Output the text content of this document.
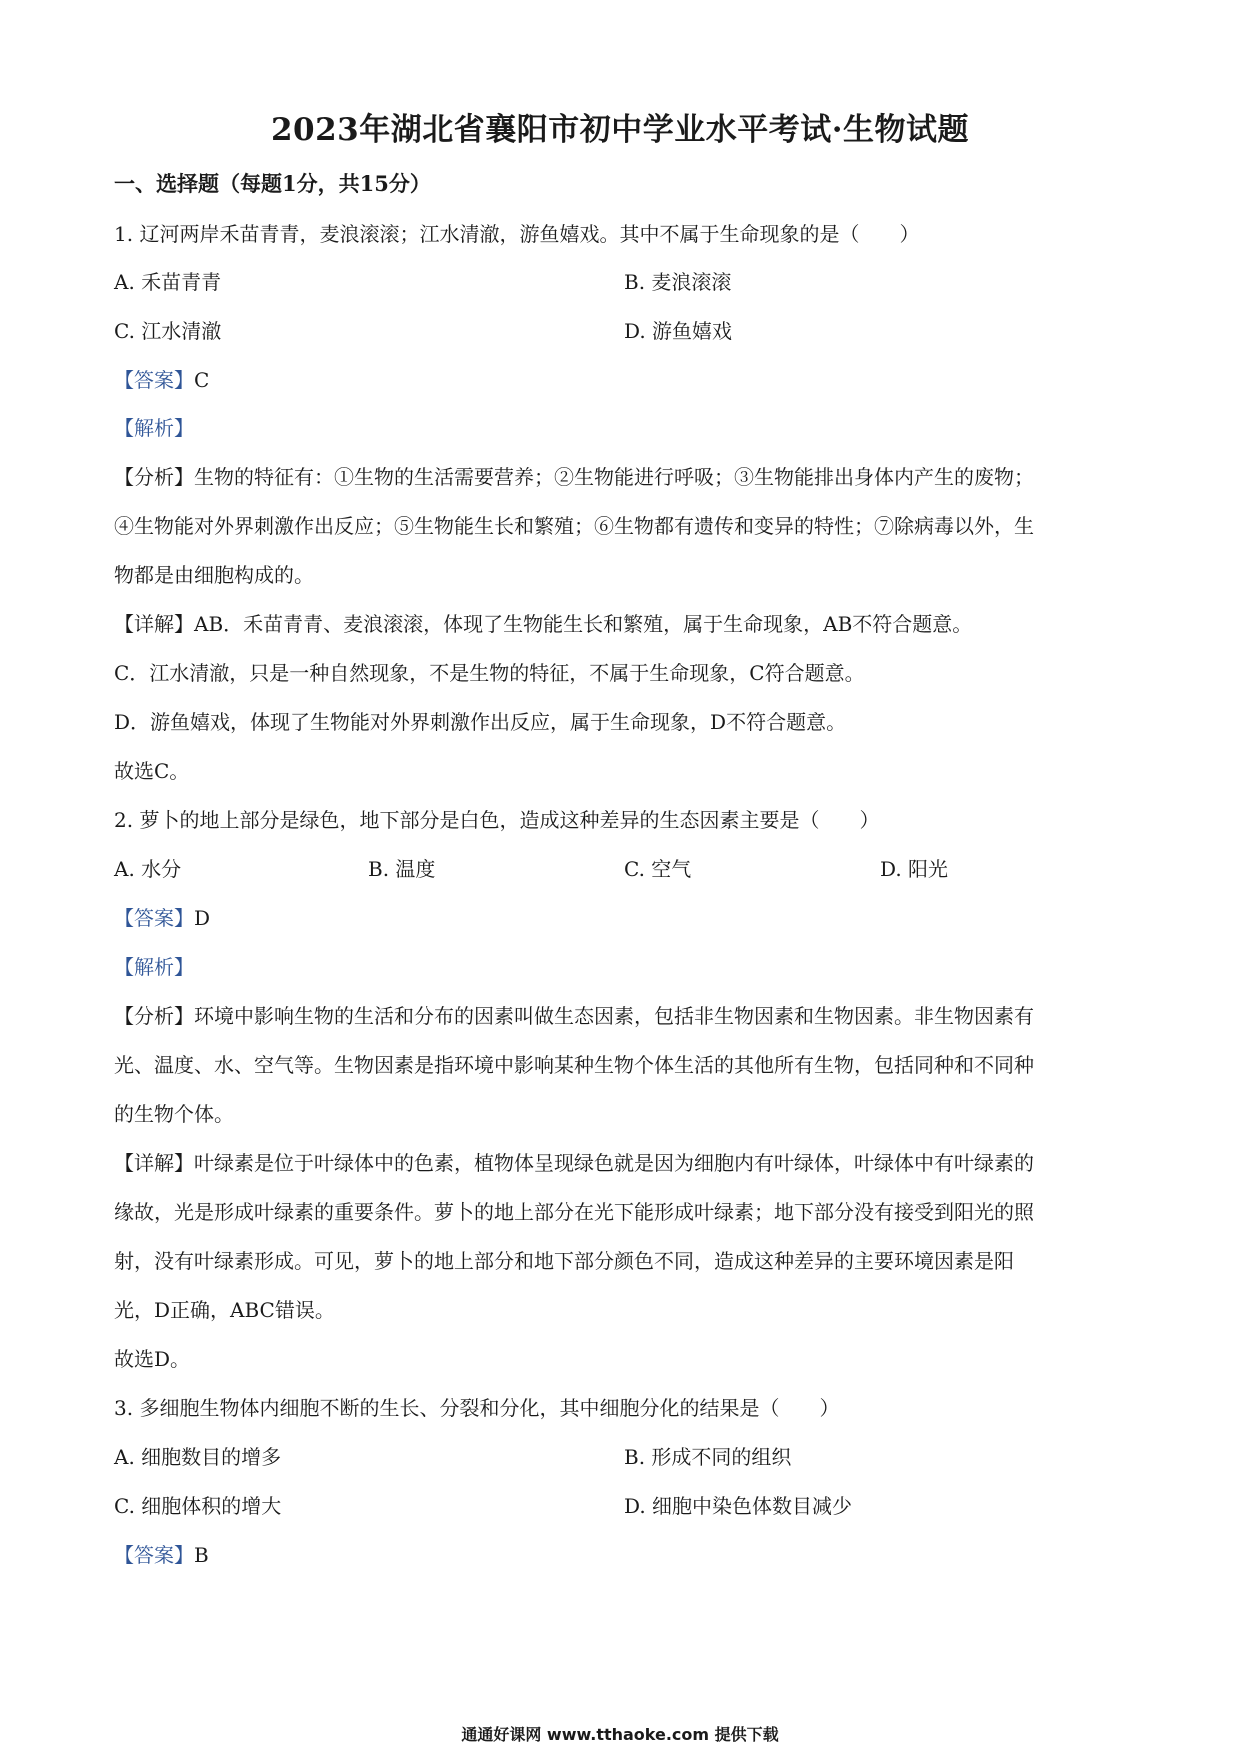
2023年湖北省襄阳市初中学业水平考试·生物试题
一、选择题（每题1分，共15分）
1. 辽河两岸禾苗青青，麦浪滚滚；江水清澈，游鱼嬉戏。其中不属于生命现象的是（　　）
A. 禾苗青青	B. 麦浪滚滚
C. 江水清澈	D. 游鱼嬉戏
【答案】C
【解析】
【分析】生物的特征有：①生物的生活需要营养；②生物能进行呼吸；③生物能排出身体内产生的废物；
④生物能对外界刺激作出反应；⑤生物能生长和繁殖；⑥生物都有遗传和变异的特性；⑦除病毒以外，生
物都是由细胞构成的。
【详解】AB．禾苗青青、麦浪滚滚，体现了生物能生长和繁殖，属于生命现象，AB不符合题意。
C．江水清澈，只是一种自然现象，不是生物的特征，不属于生命现象，C符合题意。
D．游鱼嬉戏，体现了生物能对外界刺激作出反应，属于生命现象，D不符合题意。
故选C。
2. 萝卜的地上部分是绿色，地下部分是白色，造成这种差异的生态因素主要是（　　）
A. 水分	B. 温度	C. 空气	D. 阳光
【答案】D
【解析】
【分析】环境中影响生物的生活和分布的因素叫做生态因素，包括非生物因素和生物因素。非生物因素有
光、温度、水、空气等。生物因素是指环境中影响某种生物个体生活的其他所有生物，包括同种和不同种
的生物个体。
【详解】叶绿素是位于叶绿体中的色素，植物体呈现绿色就是因为细胞内有叶绿体，叶绿体中有叶绿素的
缘故，光是形成叶绿素的重要条件。萝卜的地上部分在光下能形成叶绿素；地下部分没有接受到阳光的照
射，没有叶绿素形成。可见，萝卜的地上部分和地下部分颜色不同，造成这种差异的主要环境因素是阳
光，D正确，ABC错误。
故选D。
3. 多细胞生物体内细胞不断的生长、分裂和分化，其中细胞分化的结果是（　　）
A. 细胞数目的增多	B. 形成不同的组织
C. 细胞体积的增大	D. 细胞中染色体数目减少
【答案】B
通通好课网 www.tthaoke.com 提供下载
